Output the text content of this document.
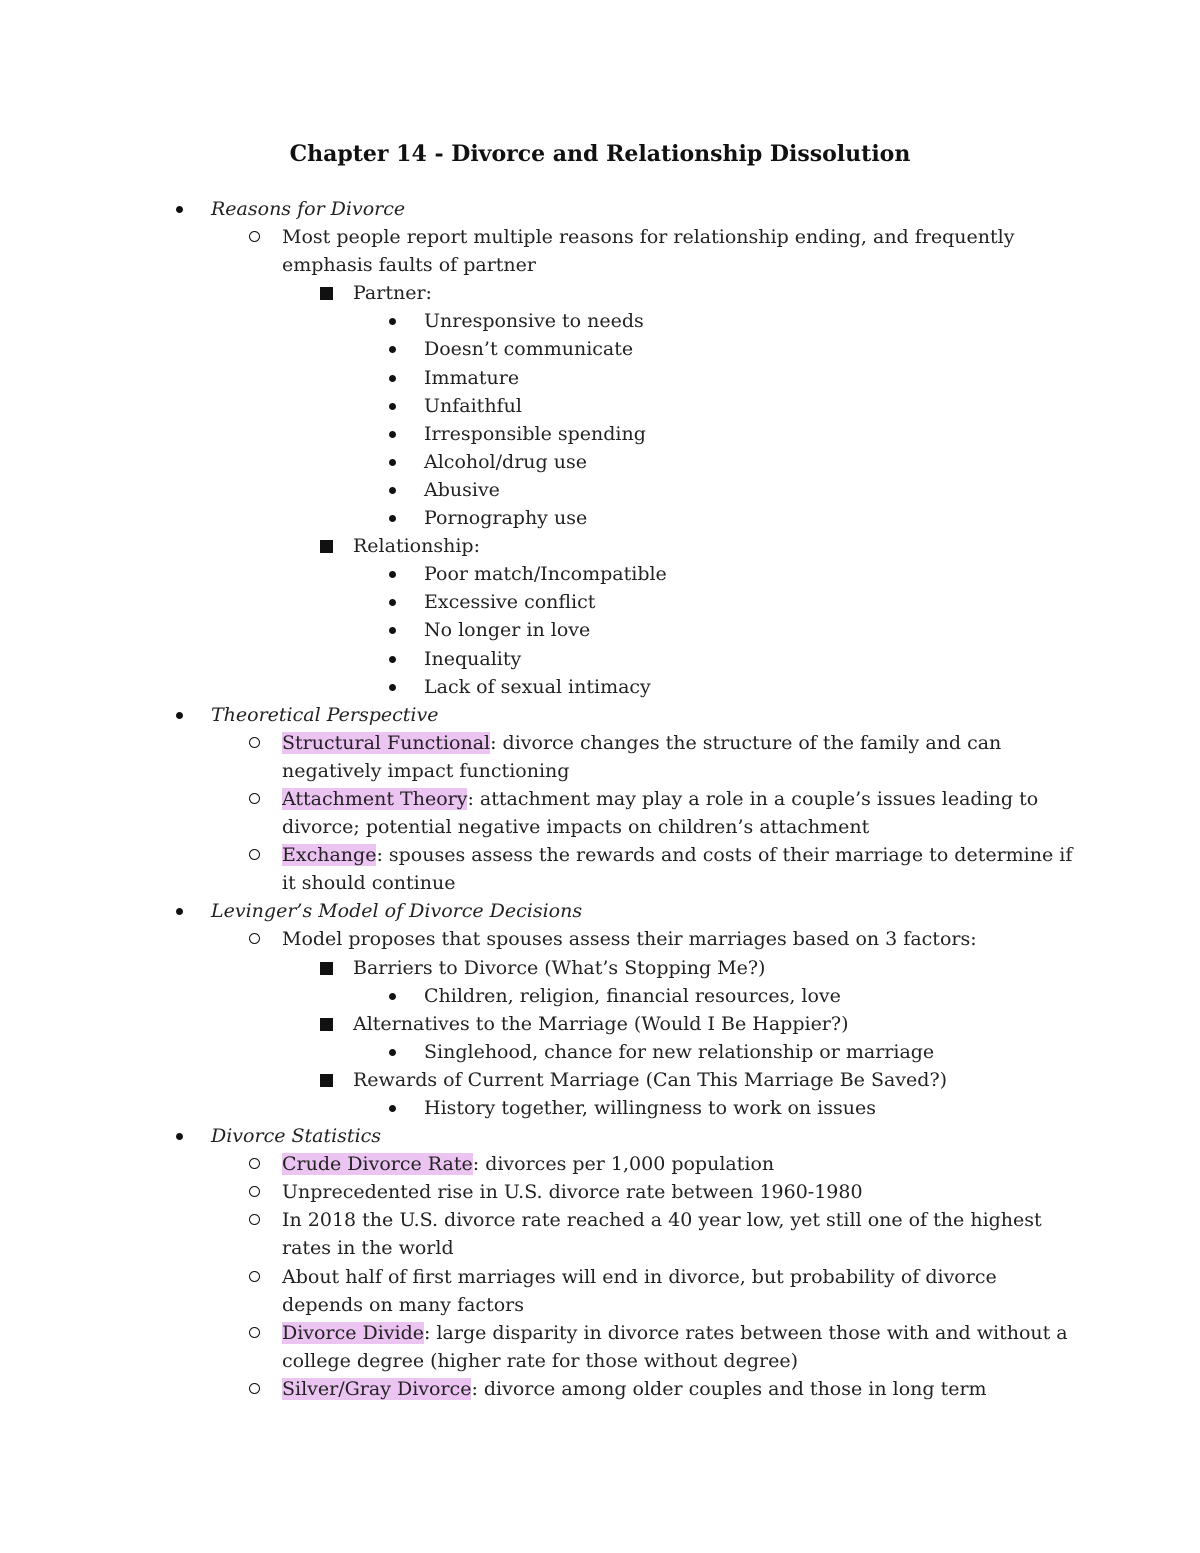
Chapter 14 - Divorce and Relationship Dissolution
Reasons for Divorce
Most people report multiple reasons for relationship ending, and frequently
emphasis faults of partner
Partner:
Unresponsive to needs
Doesn’t communicate
Immature
Unfaithful
Irresponsible spending
Alcohol/drug use
Abusive
Pornography use
Relationship:
Poor match/Incompatible
Excessive conflict
No longer in love
Inequality
Lack of sexual intimacy
Theoretical Perspective
Structural Functional: divorce changes the structure of the family and can
negatively impact functioning
Attachment Theory: attachment may play a role in a couple’s issues leading to
divorce; potential negative impacts on children’s attachment
Exchange: spouses assess the rewards and costs of their marriage to determine if
it should continue
Levinger’s Model of Divorce Decisions
Model proposes that spouses assess their marriages based on 3 factors:
Barriers to Divorce (What’s Stopping Me?)
Children, religion, financial resources, love
Alternatives to the Marriage (Would I Be Happier?)
Singlehood, chance for new relationship or marriage
Rewards of Current Marriage (Can This Marriage Be Saved?)
History together, willingness to work on issues
Divorce Statistics
Crude Divorce Rate: divorces per 1,000 population
Unprecedented rise in U.S. divorce rate between 1960-1980
In 2018 the U.S. divorce rate reached a 40 year low, yet still one of the highest
rates in the world
About half of first marriages will end in divorce, but probability of divorce
depends on many factors
Divorce Divide: large disparity in divorce rates between those with and without a
college degree (higher rate for those without degree)
Silver/Gray Divorce: divorce among older couples and those in long term
